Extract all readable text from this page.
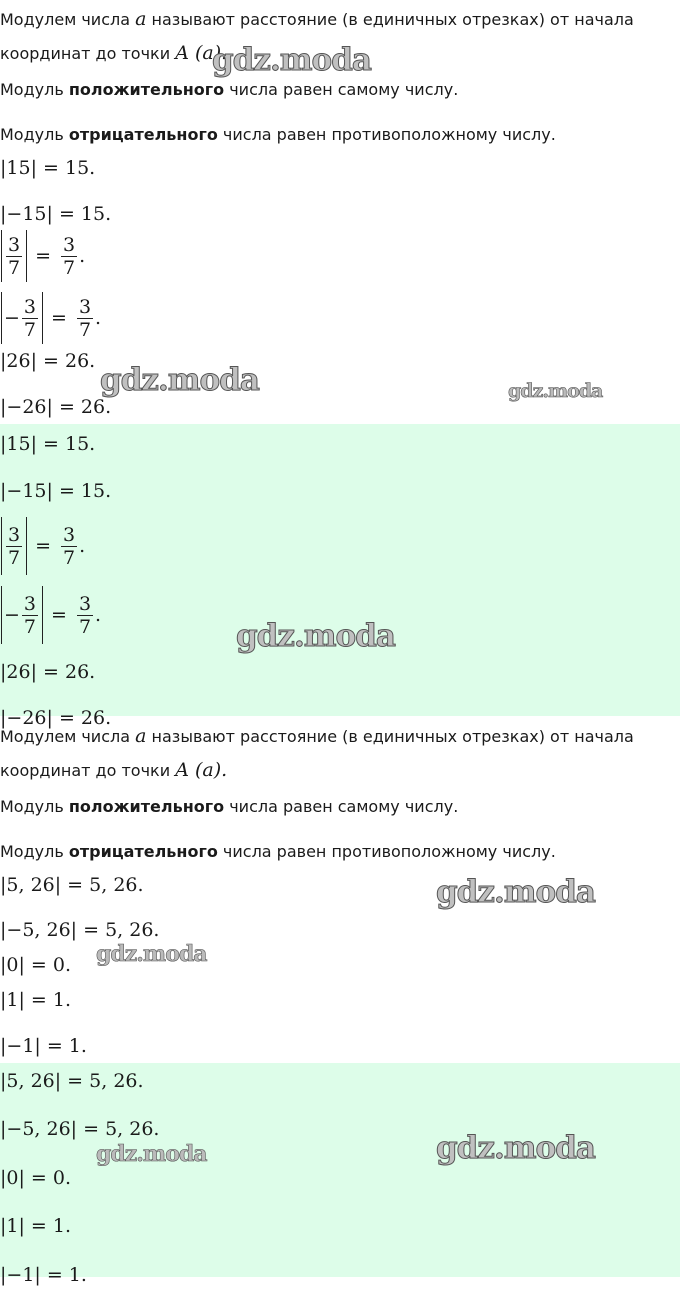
Модулем числа a называют расстояние (в единичных отрезках) от начала
координат до точки A (a).
Модуль положительного числа равен самому числу.
Модуль отрицательного числа равен противоположному числу.
|15| = 15.
|−15| = 15.
$\frac{3}{7} = \frac{3}{7}$ .
− $\frac{3}{7} = \frac{3}{7}$ .
|26| = 26.
|−26| = 26.
|15| = 15.
|−15| = 15.
$\frac{3}{7} = \frac{3}{7}$ .
− $\frac{3}{7} = \frac{3}{7}$ .
|26| = 26.
|−26| = 26.
Модулем числа a называют расстояние (в единичных отрезках) от начала
координат до точки A (a).
Модуль положительного числа равен самому числу.
Модуль отрицательного числа равен противоположному числу.
|5, 26| = 5, 26.
|−5, 26| = 5, 26.
|0| = 0.
|1| = 1.
|−1| = 1.
|5, 26| = 5, 26.
|−5, 26| = 5, 26.
|0| = 0.
|1| = 1.
|−1| = 1.
gdz.moda
gdz.moda	gdz.moda
gdz.moda
gdz.moda
gdz.moda
gdz.moda	gdz.moda
